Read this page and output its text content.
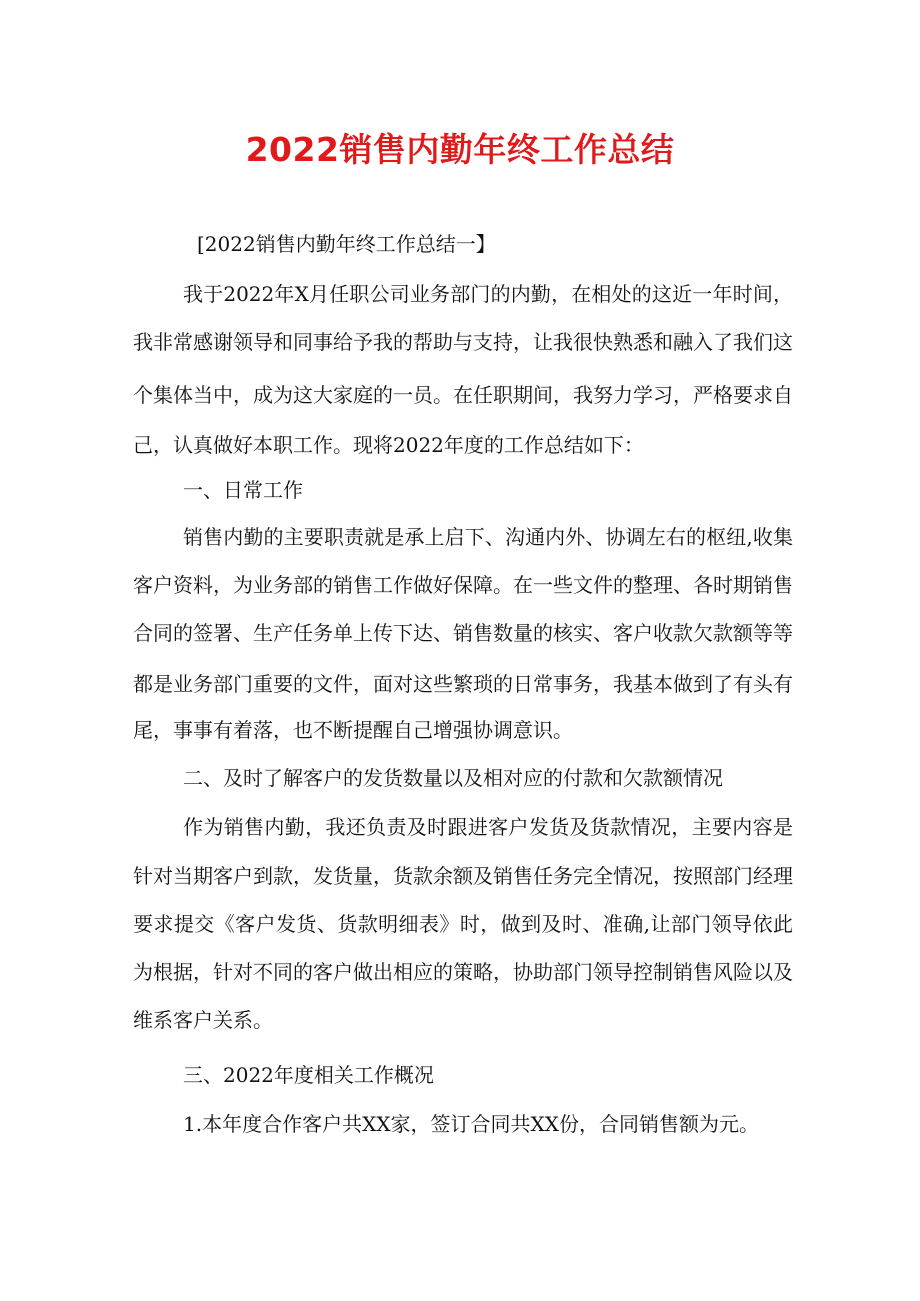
2022销售内勤年终工作总结
[2022销售内勤年终工作总结一】
我于2022年X月任职公司业务部门的内勤，在相处的这近一年时间，
我非常感谢领导和同事给予我的帮助与支持，让我很快熟悉和融入了我们这
个集体当中，成为这大家庭的一员。在任职期间，我努力学习，严格要求自
己，认真做好本职工作。现将2022年度的工作总结如下：
一、日常工作
销售内勤的主要职责就是承上启下、沟通内外、协调左右的枢纽,收集
客户资料，为业务部的销售工作做好保障。在一些文件的整理、各时期销售
合同的签署、生产任务单上传下达、销售数量的核实、客户收款欠款额等等
都是业务部门重要的文件，面对这些繁琐的日常事务，我基本做到了有头有
尾，事事有着落，也不断提醒自己增强协调意识。
二、及时了解客户的发货数量以及相对应的付款和欠款额情况
作为销售内勤，我还负责及时跟进客户发货及货款情况，主要内容是
针对当期客户到款，发货量，货款余额及销售任务完全情况，按照部门经理
要求提交《客户发货、货款明细表》时，做到及时、准确,让部门领导依此
为根据，针对不同的客户做出相应的策略，协助部门领导控制销售风险以及
维系客户关系。
三、2022年度相关工作概况
1.本年度合作客户共XX家，签订合同共XX份，合同销售额为元。
